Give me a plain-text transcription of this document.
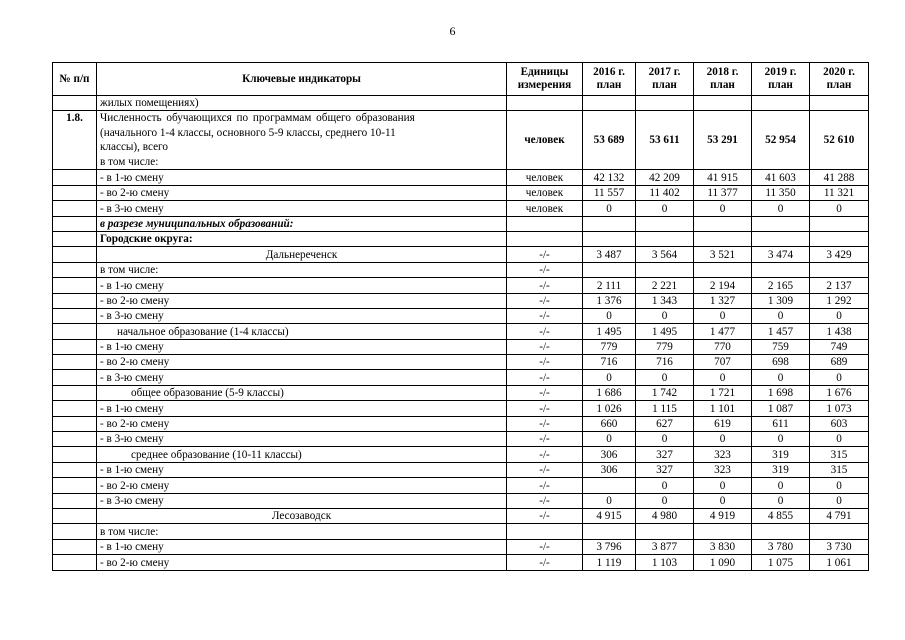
6
№ п/п	Ключевые индикаторы	Единицы измерения	2016 г. план	2017 г. план	2018 г. план	2019 г. план	2020 г. план
	жилых помещениях)						
1.8.	Численность обучающихся по программам общего образования
(начального 1-4 классы, основного 5-9 классы, среднего 10-11
классы), всего
в том числе:	человек	53 689	53 611	53 291	52 954	52 610
	- в 1-ю смену	человек	42 132	42 209	41 915	41 603	41 288
	- во 2-ю смену	человек	11 557	11 402	11 377	11 350	11 321
	- в 3-ю смену	человек	0	0	0	0	0
	в разрезе муниципальных образований:						
	Городские округа:						
	Дальнереченск	-/-	3 487	3 564	3 521	3 474	3 429
	в том числе:	-/-					
	- в 1-ю смену	-/-	2 111	2 221	2 194	2 165	2 137
	- во 2-ю смену	-/-	1 376	1 343	1 327	1 309	1 292
	- в 3-ю смену	-/-	0	0	0	0	0
	начальное образование (1-4 классы)	-/-	1 495	1 495	1 477	1 457	1 438
	- в 1-ю смену	-/-	779	779	770	759	749
	- во 2-ю смену	-/-	716	716	707	698	689
	- в 3-ю смену	-/-	0	0	0	0	0
	общее образование (5-9 классы)	-/-	1 686	1 742	1 721	1 698	1 676
	- в 1-ю смену	-/-	1 026	1 115	1 101	1 087	1 073
	- во 2-ю смену	-/-	660	627	619	611	603
	- в 3-ю смену	-/-	0	0	0	0	0
	среднее образование (10-11 классы)	-/-	306	327	323	319	315
	- в 1-ю смену	-/-	306	327	323	319	315
	- во 2-ю смену	-/-		0	0	0	0
	- в 3-ю смену	-/-	0	0	0	0	0
	Лесозаводск	-/-	4 915	4 980	4 919	4 855	4 791
	в том числе:						
	- в 1-ю смену	-/-	3 796	3 877	3 830	3 780	3 730
	- во 2-ю смену	-/-	1 119	1 103	1 090	1 075	1 061
